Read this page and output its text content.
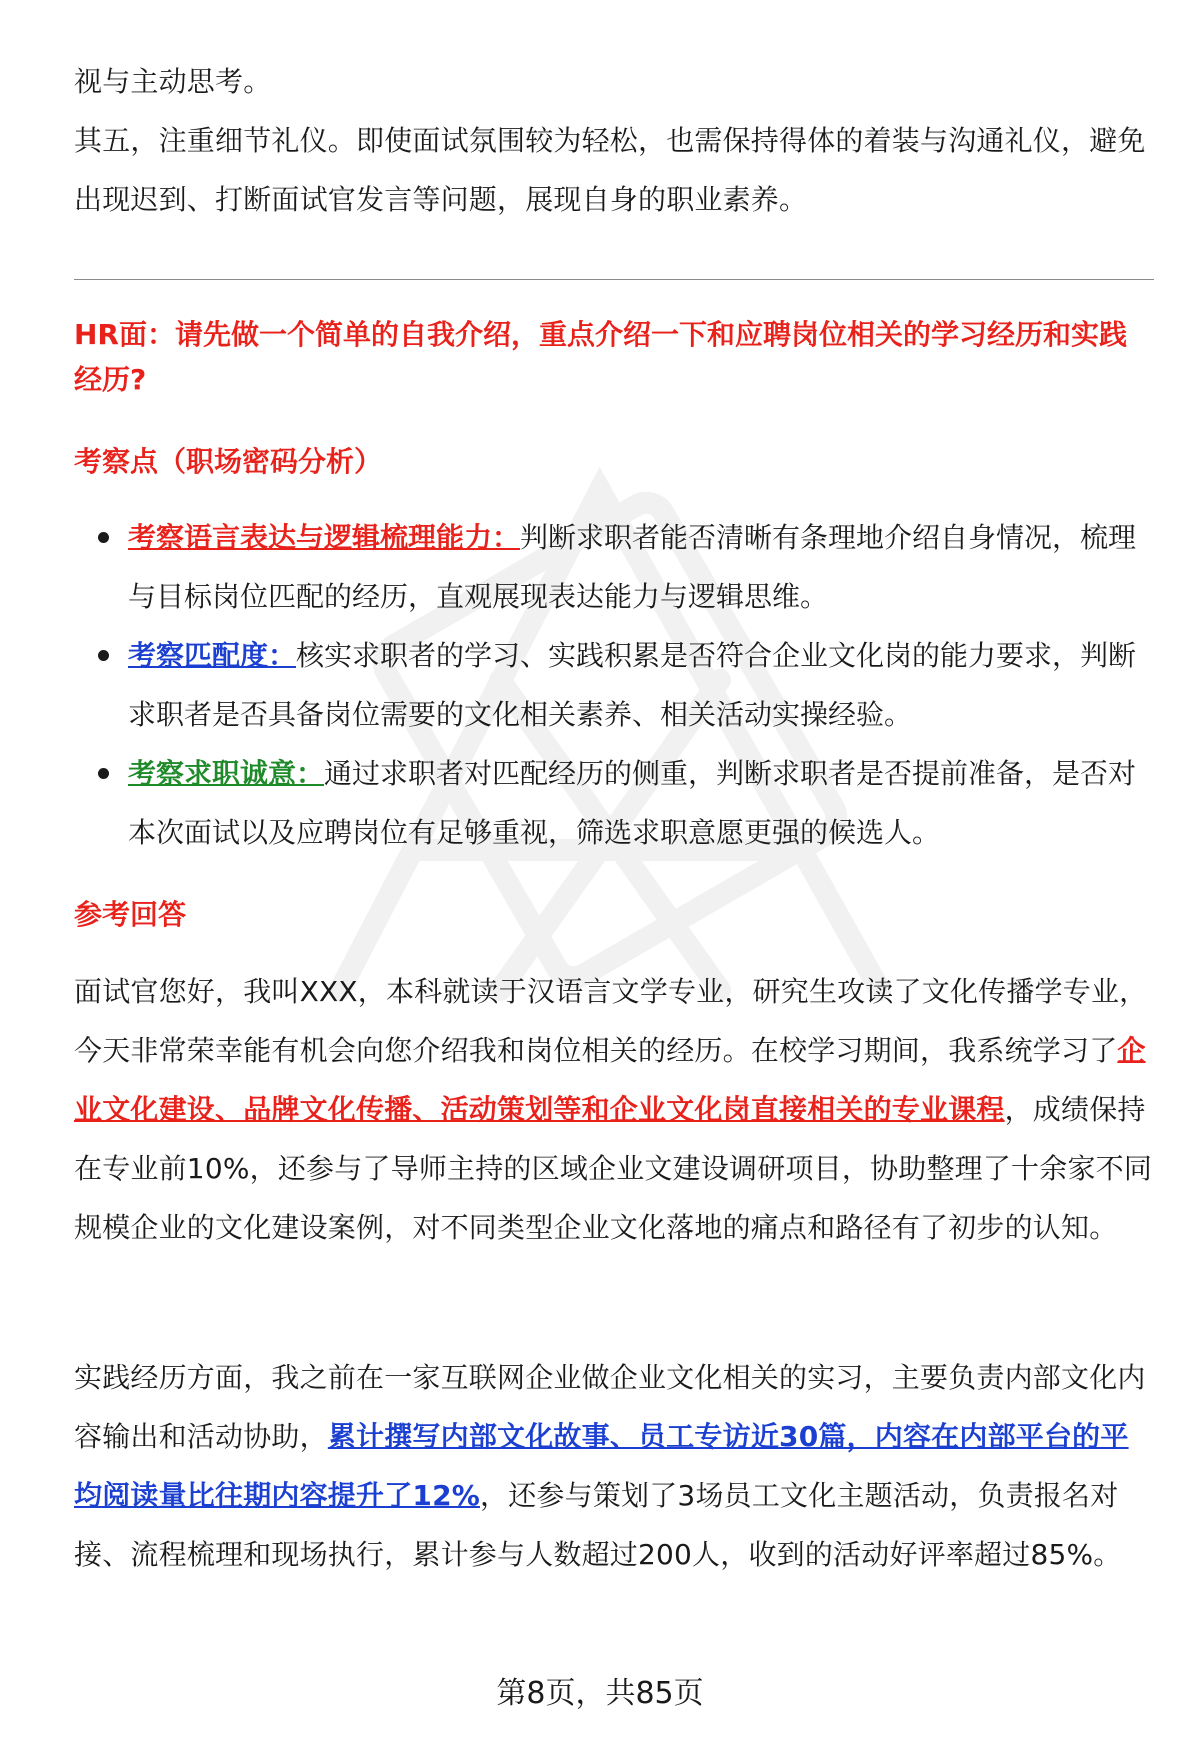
视与主动思考。

其五，注重细节礼仪。即使面试氛围较为轻松，也需保持得体的着装与沟通礼仪，避免出现迟到、打断面试官发言等问题，展现自身的职业素养。

HR面：请先做一个简单的自我介绍，重点介绍一下和应聘岗位相关的学习经历和实践经历?

考察点（职场密码分析）

考察语言表达与逻辑梳理能力：判断求职者能否清晰有条理地介绍自身情况，梳理与目标岗位匹配的经历，直观展现表达能力与逻辑思维。

考察匹配度：核实求职者的学习、实践积累是否符合企业文化岗的能力要求，判断求职者是否具备岗位需要的文化相关素养、相关活动实操经验。

考察求职诚意：通过求职者对匹配经历的侧重，判断求职者是否提前准备，是否对本次面试以及应聘岗位有足够重视，筛选求职意愿更强的候选人。

参考回答

面试官您好，我叫XXX，本科就读于汉语言文学专业，研究生攻读了文化传播学专业，今天非常荣幸能有机会向您介绍我和岗位相关的经历。在校学习期间，我系统学习了企业文化建设、品牌文化传播、活动策划等和企业文化岗直接相关的专业课程，成绩保持在专业前10%，还参与了导师主持的区域企业文建设调研项目，协助整理了十余家不同规模企业的文化建设案例，对不同类型企业文化落地的痛点和路径有了初步的认知。

实践经历方面，我之前在一家互联网企业做企业文化相关的实习，主要负责内部文化内容输出和活动协助，累计撰写内部文化故事、员工专访近30篇，内容在内部平台的平均阅读量比往期内容提升了12%，还参与策划了3场员工文化主题活动，负责报名对接、流程梳理和现场执行，累计参与人数超过200人，收到的活动好评率超过85%。

第8页，共85页
